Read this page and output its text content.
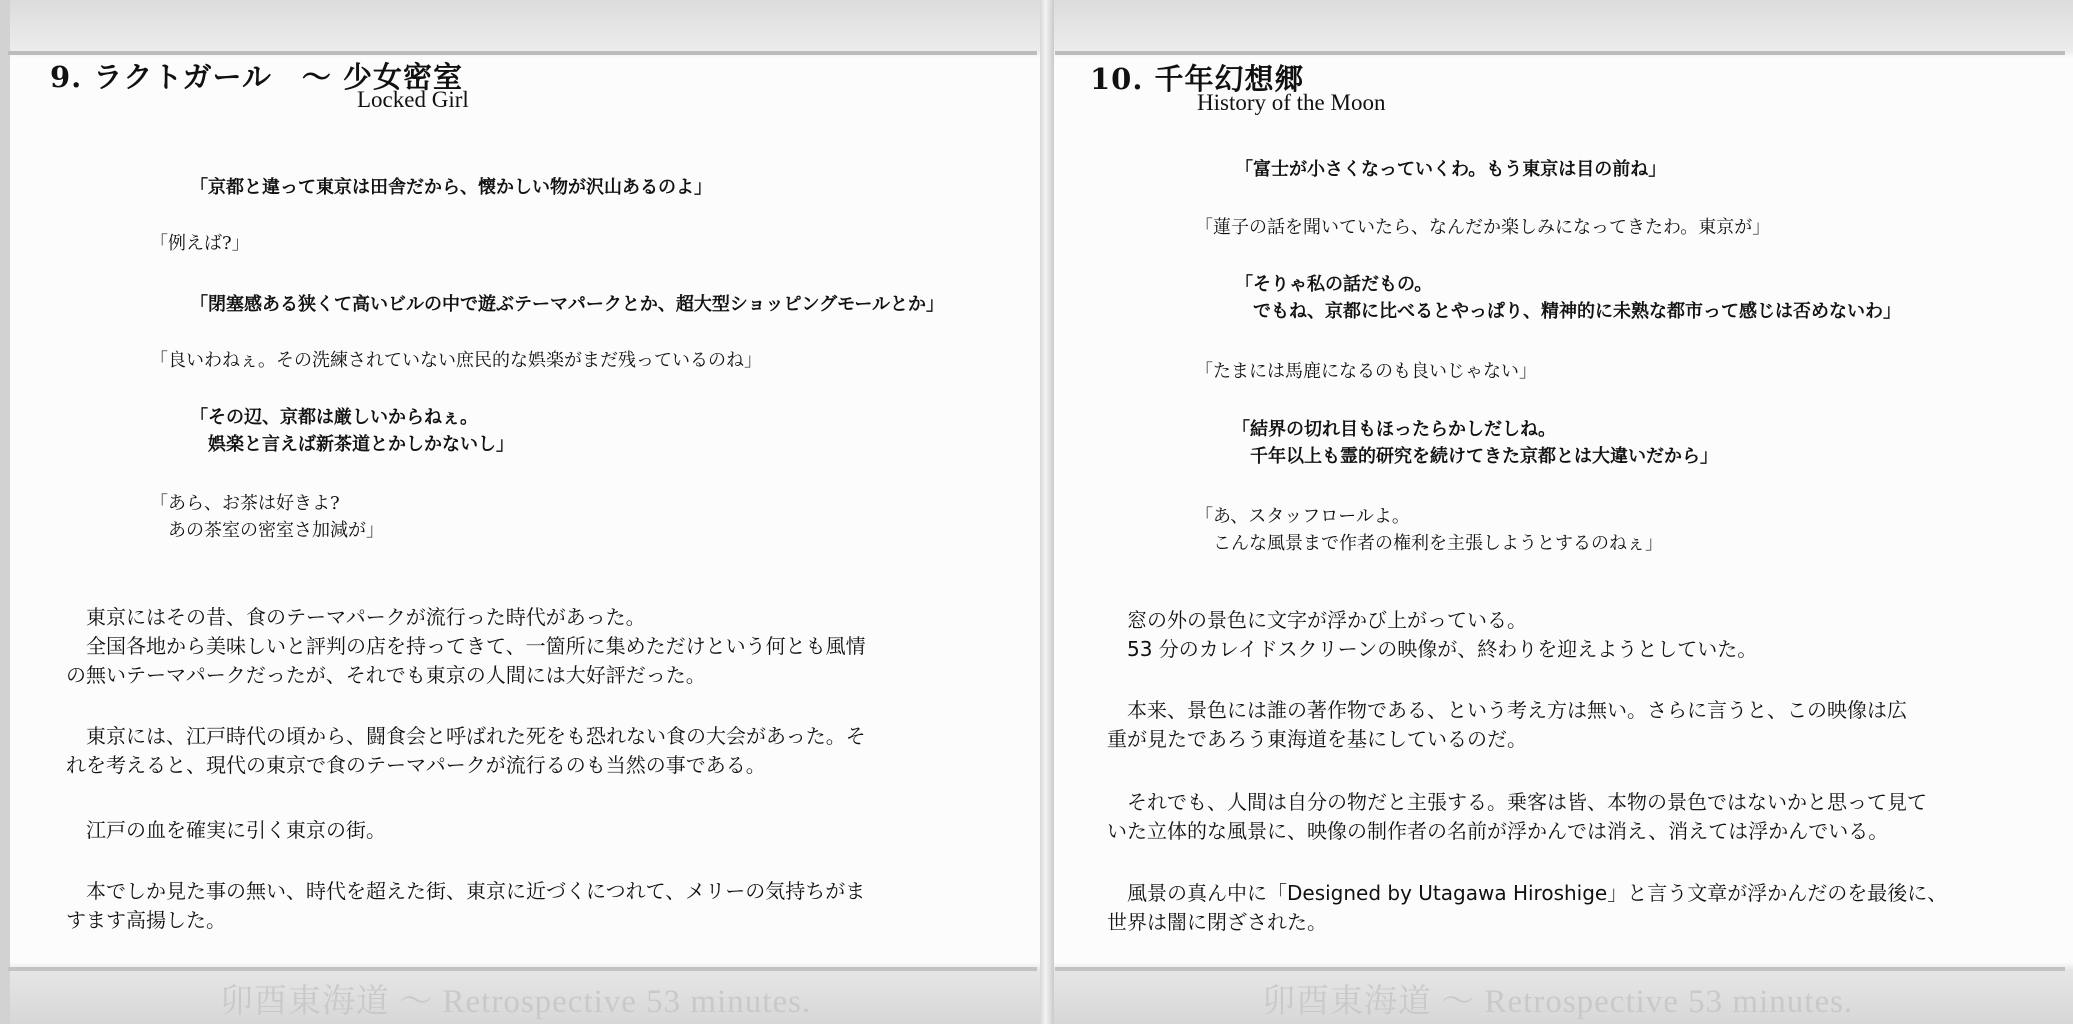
9. ラクトガール　～ 少女密室
Locked Girl
「京都と違って東京は田舎だから、懐かしい物が沢山あるのよ」
「例えば?」
「閉塞感ある狭くて高いビルの中で遊ぶテーマパークとか、超大型ショッピングモールとか」
「良いわねぇ。その洗練されていない庶民的な娯楽がまだ残っているのね」
「その辺、京都は厳しいからねぇ。
　娯楽と言えば新茶道とかしかないし」
「あら、お茶は好きよ?
　あの茶室の密室さ加減が」
　東京にはその昔、食のテーマパークが流行った時代があった。
　全国各地から美味しいと評判の店を持ってきて、一箇所に集めただけという何とも風情
の無いテーマパークだったが、それでも東京の人間には大好評だった。
　東京には、江戸時代の頃から、闘食会と呼ばれた死をも恐れない食の大会があった。そ
れを考えると、現代の東京で食のテーマパークが流行るのも当然の事である。
　江戸の血を確実に引く東京の街。
　本でしか見た事の無い、時代を超えた街、東京に近づくにつれて、メリーの気持ちがま
すます高揚した。
卯酉東海道 ～ Retrospective 53 minutes.
10. 千年幻想郷
History of the Moon
「富士が小さくなっていくわ。もう東京は目の前ね」
「蓮子の話を聞いていたら、なんだか楽しみになってきたわ。東京が」
「そりゃ私の話だもの。
　でもね、京都に比べるとやっぱり、精神的に未熟な都市って感じは否めないわ」
「たまには馬鹿になるのも良いじゃない」
「結界の切れ目もほったらかしだしね。
　千年以上も霊的研究を続けてきた京都とは大違いだから」
「あ、スタッフロールよ。
　こんな風景まで作者の権利を主張しようとするのねぇ」
　窓の外の景色に文字が浮かび上がっている。
　53 分のカレイドスクリーンの映像が、終わりを迎えようとしていた。
　本来、景色には誰の著作物である、という考え方は無い。さらに言うと、この映像は広
重が見たであろう東海道を基にしているのだ。
　それでも、人間は自分の物だと主張する。乗客は皆、本物の景色ではないかと思って見て
いた立体的な風景に、映像の制作者の名前が浮かんでは消え、消えては浮かんでいる。
　風景の真ん中に「Designed by Utagawa Hiroshige」と言う文章が浮かんだのを最後に、
世界は闇に閉ざされた。
卯酉東海道 ～ Retrospective 53 minutes.
